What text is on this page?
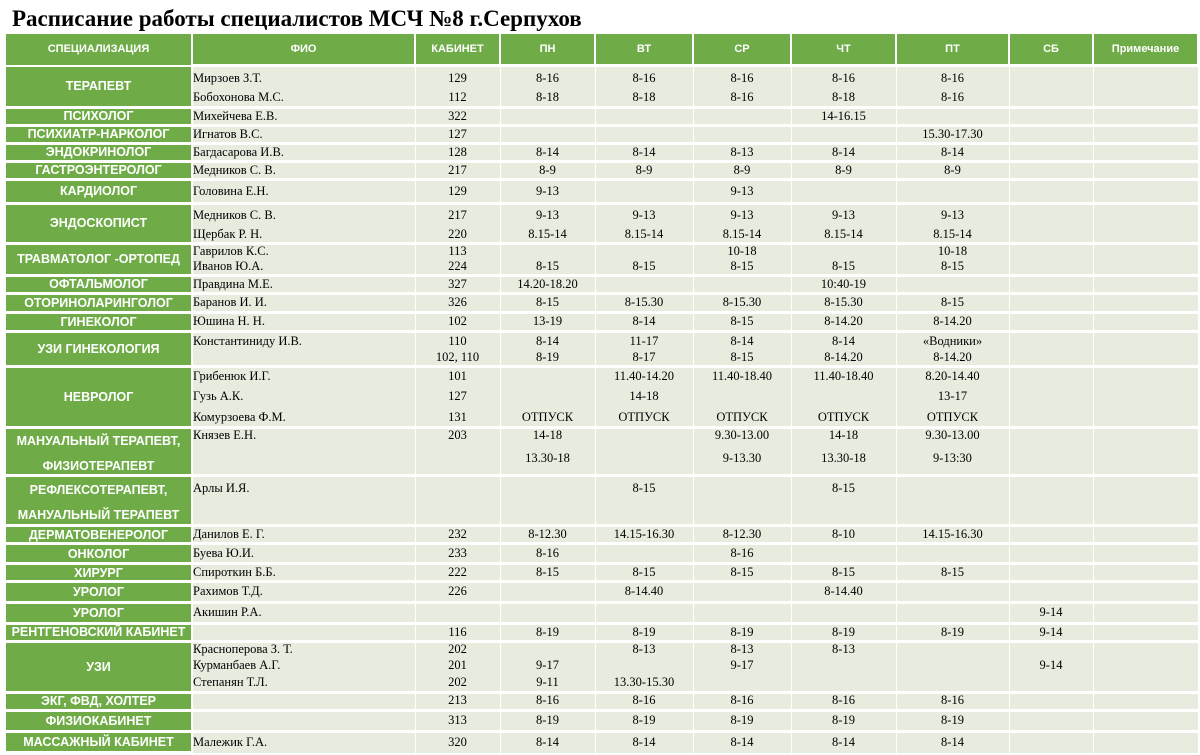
Расписание работы специалистов МСЧ №8 г.Серпухов
СПЕЦИАЛИЗАЦИЯ	ФИО	КАБИНЕТ	ПН	ВТ	СР	ЧТ	ПТ	СБ	Примечание
ТЕРАПЕВТ	Мирзоев З.Т.	129	8-16	8-16	8-16	8-16	8-16		
	Бобохонова М.С.	112	8-18	8-18	8-16	8-18	8-16		
ПСИХОЛОГ	Михейчева Е.В.	322				14-16.15			
ПСИХИАТР-НАРКОЛОГ	Игнатов В.С.	127					15.30-17.30		
ЭНДОКРИНОЛОГ	Багдасарова И.В.	128	8-14	8-14	8-13	8-14	8-14		
ГАСТРОЭНТЕРОЛОГ	Медников С. В.	217	8-9	8-9	8-9	8-9	8-9		
КАРДИОЛОГ	Головина Е.Н.	129	9-13		9-13				
ЭНДОСКОПИСТ	Медников С. В.	217	9-13	9-13	9-13	9-13	9-13		
	Щербак Р. Н.	220	8.15-14	8.15-14	8.15-14	8.15-14	8.15-14		
ТРАВМАТОЛОГ -ОРТОПЕД	Гаврилов К.С.	113			10-18		10-18		
	Иванов Ю.А.	224	8-15	8-15	8-15	8-15	8-15		
ОФТАЛЬМОЛОГ	Правдина М.Е.	327	14.20-18.20			10:40-19			
ОТОРИНОЛАРИНГОЛОГ	Баранов И. И.	326	8-15	8-15.30	8-15.30	8-15.30	8-15		
ГИНЕКОЛОГ	Юшина Н. Н.	102	13-19	8-14	8-15	8-14.20	8-14.20		
УЗИ ГИНЕКОЛОГИЯ	Константиниду И.В.	110	8-14	11-17	8-14	8-14	«Водники»		
		102, 110	8-19	8-17	8-15	8-14.20	8-14.20		
НЕВРОЛОГ	Грибенюк И.Г.	101		11.40-14.20	11.40-18.40	11.40-18.40	8.20-14.40		
	Гузь А.К.	127		14-18			13-17		
	Комурзоева Ф.М.	131	ОТПУСК	ОТПУСК	ОТПУСК	ОТПУСК	ОТПУСК		

МАНУАЛЬНЫЙ ТЕРАПЕВТ,
ФИЗИОТЕРАПЕВТ	Князев Е.Н.	203	14-18		9.30-13.00	14-18	9.30-13.00		
			13.30-18		9-13.30	13.30-18	9-13:30		

РЕФЛЕКСОТЕРАПЕВТ,
МАНУАЛЬНЫЙ ТЕРАПЕВТ	Арлы И.Я.			8-15		8-15			

ДЕРМАТОВЕНЕРОЛОГ	Данилов Е. Г.	232	8-12.30	14.15-16.30	8-12.30	8-10	14.15-16.30		
ОНКОЛОГ	Буева Ю.И.	233	8-16		8-16				
ХИРУРГ	Спироткин Б.Б.	222	8-15	8-15	8-15	8-15	8-15		
УРОЛОГ	Рахимов Т.Д.	226		8-14.40		8-14.40			
УРОЛОГ	Акишин Р.А.							9-14	
РЕНТГЕНОВСКИЙ КАБИНЕТ		116	8-19	8-19	8-19	8-19	8-19	9-14	
УЗИ	Красноперова З. Т.	202		8-13	8-13	8-13			
	Курманбаев А.Г.	201	9-17		9-17			9-14	
	Степанян Т.Л.	202	9-11	13.30-15.30					
ЭКГ, ФВД, ХОЛТЕР		213	8-16	8-16	8-16	8-16	8-16		
ФИЗИОКАБИНЕТ		313	8-19	8-19	8-19	8-19	8-19		
МАССАЖНЫЙ КАБИНЕТ	Малежик Г.А.	320	8-14	8-14	8-14	8-14	8-14		
